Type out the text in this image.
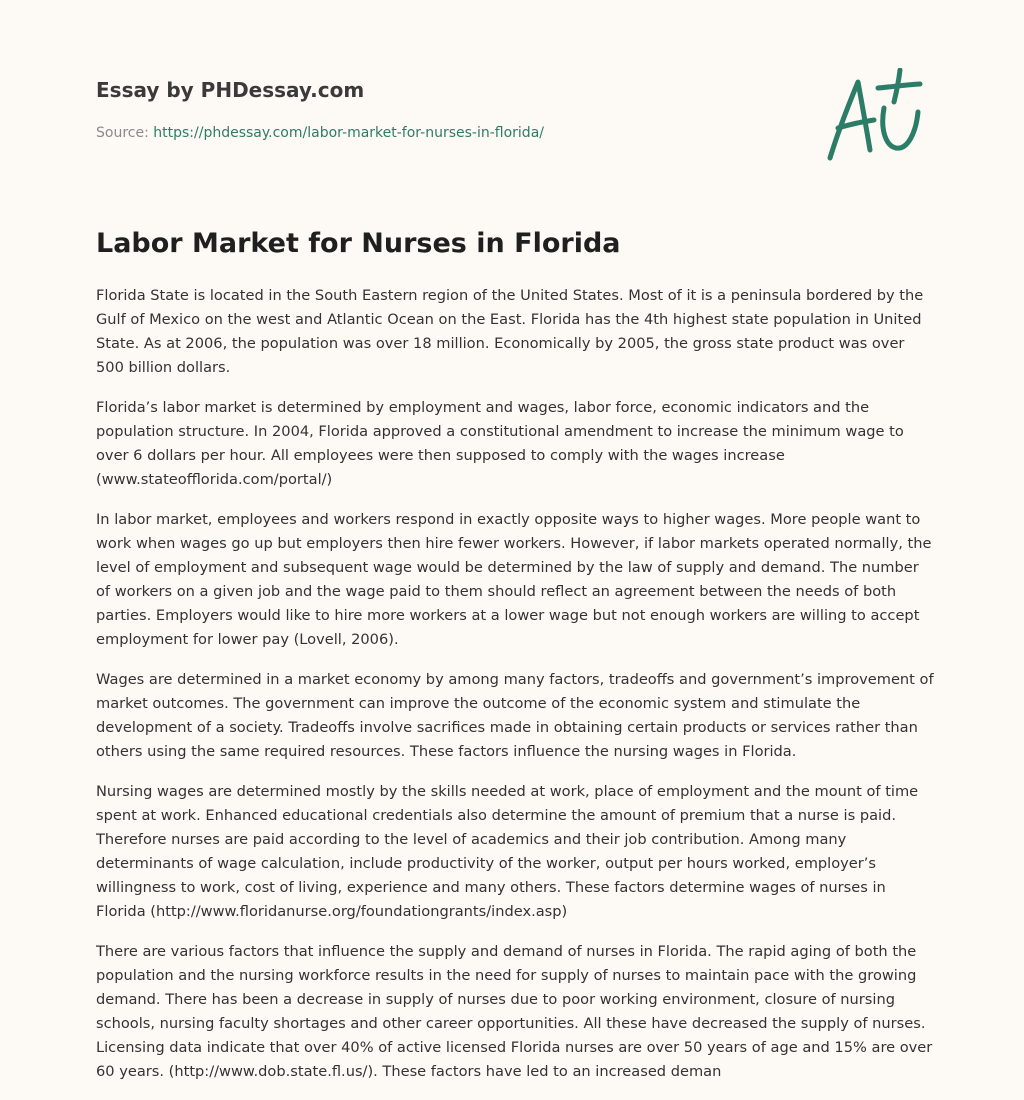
Essay by PHDessay.com
Source: https://phdessay.com/labor-market-for-nurses-in-florida/
Labor Market for Nurses in Florida

Florida State is located in the South Eastern region of the United States. Most of it is a peninsula bordered by the Gulf of Mexico on the west and Atlantic Ocean on the East. Florida has the 4th highest state population in United State. As at 2006, the population was over 18 million. Economically by 2005, the gross state product was over 500 billion dollars.

Florida’s labor market is determined by employment and wages, labor force, economic indicators and the population structure. In 2004, Florida approved a constitutional amendment to increase the minimum wage to over 6 dollars per hour. All employees were then supposed to comply with the wages increase (www.stateofflorida.com/portal/)

In labor market, employees and workers respond in exactly opposite ways to higher wages. More people want to work when wages go up but employers then hire fewer workers. However, if labor markets operated normally, the level of employment and subsequent wage would be determined by the law of supply and demand. The number of workers on a given job and the wage paid to them should reflect an agreement between the needs of both parties. Employers would like to hire more workers at a lower wage but not enough workers are willing to accept employment for lower pay (Lovell, 2006).

Wages are determined in a market economy by among many factors, tradeoffs and government’s improvement of market outcomes. The government can improve the outcome of the economic system and stimulate the development of a society. Tradeoffs involve sacrifices made in obtaining certain products or services rather than others using the same required resources. These factors influence the nursing wages in Florida.

Nursing wages are determined mostly by the skills needed at work, place of employment and the mount of time spent at work. Enhanced educational credentials also determine the amount of premium that a nurse is paid. Therefore nurses are paid according to the level of academics and their job contribution. Among many determinants of wage calculation, include productivity of the worker, output per hours worked, employer’s willingness to work, cost of living, experience and many others. These factors determine wages of nurses in Florida (http://www.floridanurse.org/foundationgrants/index.asp)

There are various factors that influence the supply and demand of nurses in Florida. The rapid aging of both the population and the nursing workforce results in the need for supply of nurses to maintain pace with the growing demand. There has been a decrease in supply of nurses due to poor working environment, closure of nursing schools, nursing faculty shortages and other career opportunities. All these have decreased the supply of nurses. Licensing data indicate that over 40% of active licensed Florida nurses are over 50 years of age and 15% are over 60 years. (http://www.dob.state.fl.us/). These factors have led to an increased deman
